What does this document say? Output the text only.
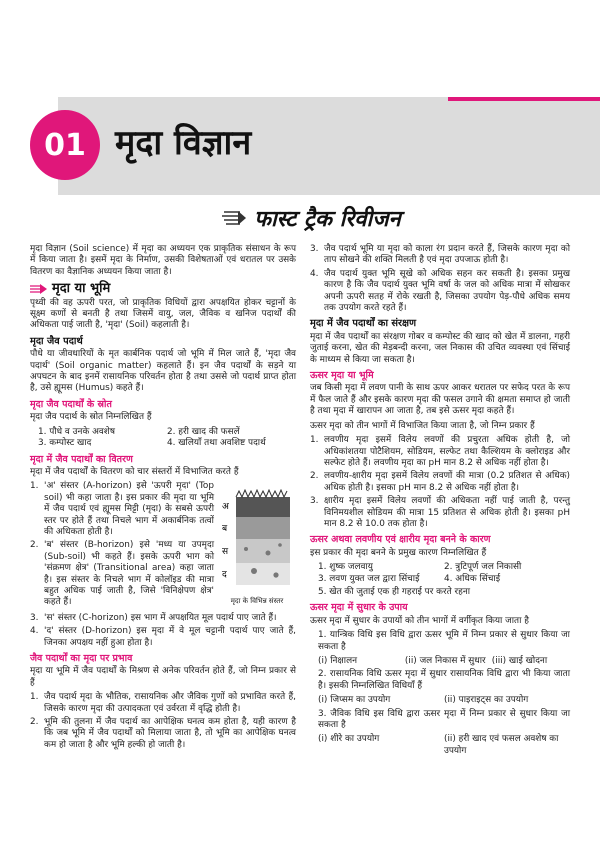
01 मृदा विज्ञान
फास्ट ट्रैक रिवीजन

मृदा विज्ञान (Soil science) में मृदा का अध्ययन एक प्राकृतिक संसाधन के रूप में किया जाता है। इसमें मृदा के निर्माण, उसकी विशेषताओं एवं धरातल पर उसके वितरण का वैज्ञानिक अध्ययन किया जाता है।

मृदा या भूमि

पृथ्वी की वह ऊपरी परत, जो प्राकृतिक विधियों द्वारा अपक्षयित होकर चट्टानों के सूक्ष्म कणों से बनती है तथा जिसमें वायु, जल, जैविक व खनिज पदार्थों की अधिकता पाई जाती है, 'मृदा' (Soil) कहलाती है।

मृदा जैव पदार्थ

पौधे या जीवधारियों के मृत कार्बनिक पदार्थ जो भूमि में मिल जाते हैं, 'मृदा जैव पदार्थ' (Soil organic matter) कहलाते हैं। इन जैव पदार्थों के सड़ने या अपघटन के बाद इनमें रासायनिक परिवर्तन होता है तथा उससे जो पदार्थ प्राप्त होता है, उसे ह्यूमस (Humus) कहते हैं।

मृदा जैव पदार्थों के स्रोत

मृदा जैव पदार्थ के स्रोत निम्नलिखित हैं

1. पौधे व उनके अवशेष	2. हरी खाद की फसलें
3. कम्पोस्ट खाद	4. खलियाँ तथा अवशिष्ट पदार्थ
मृदा में जैव पदार्थों का वितरण

मृदा में जैव पदार्थों के वितरण को चार संस्तरों में विभाजित करते हैं

1. 'अ' संस्तर (A-horizon) इसे 'ऊपरी मृदा' (Top soil) भी कहा जाता है। इस प्रकार की मृदा या भूमि में जैव पदार्थ एवं ह्यूमस मिट्टी (मृदा) के सबसे ऊपरी स्तर पर होते हैं तथा निचले भाग में अकार्बनिक तत्वों की अधिकता होती है।
2. 'ब' संस्तर (B-horizon) इसे 'मध्य या उपमृदा (Sub-soil) भी कहते हैं। इसके ऊपरी भाग को 'संक्रमण क्षेत्र' (Transitional area) कहा जाता है। इस संस्तर के निचले भाग में कोलॉइड की मात्रा बहुत अधिक पाई जाती है, जिसे 'विनिक्षेपण क्षेत्र' कहते हैं।
अ
ब
स
द
मृदा के विभिन्न संस्तर
3. 'स' संस्तर (C-horizon) इस भाग में अपक्षयित मूल पदार्थ पाए जाते हैं।
4. 'द' संस्तर (D-horizon) इस मृदा में वे मूल चट्टानी पदार्थ पाए जाते हैं, जिनका अपक्षय नहीं हुआ होता है।
जैव पदार्थों का मृदा पर प्रभाव

मृदा या भूमि में जैव पदार्थों के मिश्रण से अनेक परिवर्तन होते हैं, जो निम्न प्रकार से हैं

1. जैव पदार्थ मृदा के भौतिक, रासायनिक और जैविक गुणों को प्रभावित करते हैं, जिसके कारण मृदा की उत्पादकता एवं उर्वरता में वृद्धि होती है।
2. भूमि की तुलना में जैव पदार्थ का आपेक्षिक घनत्व कम होता है, यही कारण है कि जब भूमि में जैव पदार्थों को मिलाया जाता है, तो भूमि का आपेक्षिक घनत्व कम हो जाता है और भूमि हल्की हो जाती है।
3. जैव पदार्थ भूमि या मृदा को काला रंग प्रदान करते हैं, जिसके कारण मृदा को ताप सोखने की शक्ति मिलती है एवं मृदा उपजाऊ होती है।
4. जैव पदार्थ युक्त भूमि सूखे को अधिक सहन कर सकती है। इसका प्रमुख कारण है कि जैव पदार्थ युक्त भूमि वर्षा के जल को अधिक मात्रा में सोखकर अपनी ऊपरी सतह में रोके रखती है, जिसका उपयोग पेड़-पौधे अधिक समय तक उपयोग करते रहते हैं।
मृदा में जैव पदार्थों का संरक्षण

मृदा में जैव पदार्थों का संरक्षण गोबर व कम्पोस्ट की खाद को खेत में डालना, गहरी जुताई करना, खेत की मेड़बन्दी करना, जल निकास की उचित व्यवस्था एवं सिंचाई के माध्यम से किया जा सकता है।

ऊसर मृदा या भूमि

जब किसी मृदा में लवण पानी के साथ ऊपर आकर धरातल पर सफेद परत के रूप में फैल जाते हैं और इसके कारण मृदा की फसल उगाने की क्षमता समाप्त हो जाती है तथा मृदा में खारापन आ जाता है, तब इसे ऊसर मृदा कहते हैं।

ऊसर मृदा को तीन भागों में विभाजित किया जाता है, जो निम्न प्रकार हैं

1. लवणीय मृदा इसमें विलेय लवणों की प्रचुरता अधिक होती है, जो अधिकांशतया पोटैशियम, सोडियम, सल्फेट तथा कैल्शियम के क्लोराइड और सल्फेट होते हैं। लवणीय मृदा का pH मान 8.2 से अधिक नहीं होता है।
2. लवणीय-क्षारीय मृदा इसमें विलेय लवणों की मात्रा (0.2 प्रतिशत से अधिक) अधिक होती है। इसका pH मान 8.2 से अधिक नहीं होता है।
3. क्षारीय मृदा इसमें विलेय लवणों की अधिकता नहीं पाई जाती है, परन्तु विनिमयशील सोडियम की मात्रा 15 प्रतिशत से अधिक होती है। इसका pH मान 8.2 से 10.0 तक होता है।
ऊसर अथवा लवणीय एवं क्षारीय मृदा बनने के कारण

इस प्रकार की मृदा बनने के प्रमुख कारण निम्नलिखित हैं

1. शुष्क जलवायु	2. त्रुटिपूर्ण जल निकासी
3. लवण युक्त जल द्वारा सिंचाई	4. अधिक सिंचाई

5. खेत की जुताई एक ही गहराई पर करते रहना

ऊसर मृदा में सुधार के उपाय

ऊसर मृदा में सुधार के उपायों को तीन भागों में वर्गीकृत किया जाता है

1. यान्त्रिक विधि इस विधि द्वारा ऊसर भूमि में निम्न प्रकार से सुधार किया जा सकता है

(i) निक्षालन	(ii) जल निकास में सुधार (iii) खाई खोदना

2. रासायनिक विधि ऊसर मृदा में सुधार रासायनिक विधि द्वारा भी किया जाता है। इसकी निम्नलिखित विधियाँ हैं

(i) जिप्सम का उपयोग	(ii) पाइराइट्स का उपयोग

3. जैविक विधि इस विधि द्वारा ऊसर मृदा में निम्न प्रकार से सुधार किया जा सकता है

(i) शीरे का उपयोग	(ii) हरी खाद एवं फसल अवशेष का उपयोग
